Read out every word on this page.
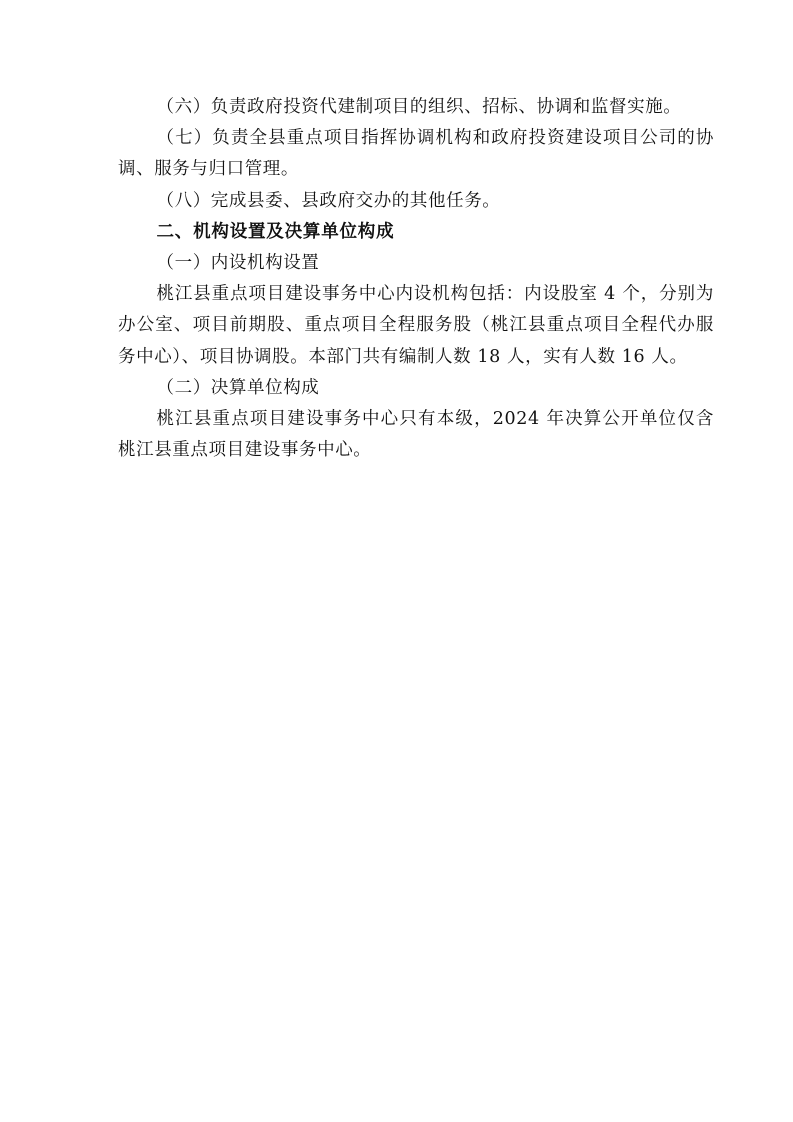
（六）负责政府投资代建制项目的组织、招标、协调和监督实施。

（七）负责全县重点项目指挥协调机构和政府投资建设项目公司的协调、服务与归口管理。

（八）完成县委、县政府交办的其他任务。

二、机构设置及决算单位构成

（一）内设机构设置

桃江县重点项目建设事务中心内设机构包括：内设股室 4 个，分别为办公室、项目前期股、重点项目全程服务股（桃江县重点项目全程代办服务中心）、项目协调股。本部门共有编制人数 18 人，实有人数 16 人。

（二）决算单位构成

桃江县重点项目建设事务中心只有本级，2024 年决算公开单位仅含桃江县重点项目建设事务中心。
